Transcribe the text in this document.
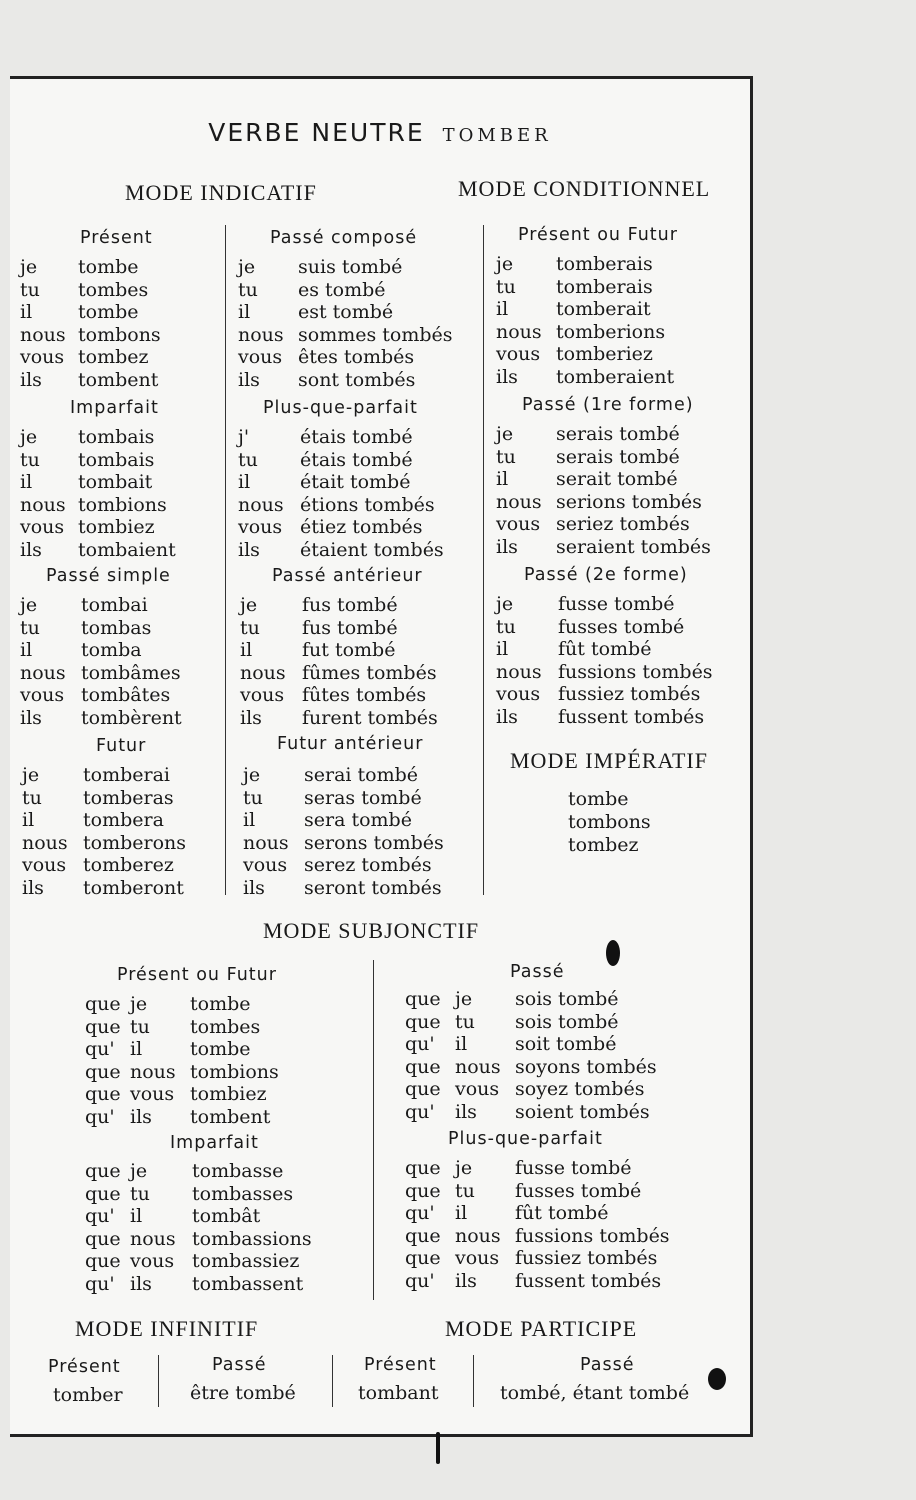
VERBE NEUTRE TOMBER
MODE INDICATIF	MODE CONDITIONNEL
Présent
je tombe
tu tombes
il tombe
nous tombons
vous tombez
ils tombent
Imparfait
je tombais
tu tombais
il tombait
nous tombions
vous tombiez
ils tombaient
Passé simple
je tombai
tu tombas
il	tomba
nous tombâmes
vous tombâtes
ils tombèrent
Futur
je tomberai
tu tomberas
il	tombera
nous tomberons
vous tomberez
ils tomberont
Passé composé
je suis tombé
tu es tombé
il	est tombé
nous sommes tombés
vous êtes tombés
ils sont tombés
Plus-que-parfait
j'	étais tombé
tu étais tombé
il	était tombé
nous étions tombés
vous étiez tombés
ils étaient tombés
Passé antérieur
je fus tombé
tu fus tombé
il	fut tombé
nous fûmes tombés
vous fûtes tombés
ils furent tombés
Futur antérieur
je serai tombé
tu seras tombé
il	sera tombé
nous serons tombés
vous serez tombés
ils seront tombés
Présent ou Futur
je tomberais
tu tomberais
il	tomberait
nous tomberions
vous tomberiez
ils tomberaient
Passé (1re forme)
je serais tombé
tu serais tombé
il	serait tombé
nous serions tombés
vous seriez tombés
ils seraient tombés
Passé (2e forme)
je fusse tombé
tu fusses tombé
il	fût tombé
nous fussions tombés
vous fussiez tombés
ils fussent tombés
Présent ou Futur
que je tombe
que tu tombes
qu' il	tombe
que nous tombions
que vous tombiez
qu' ils tombent
Imparfait
que je tombasse
que tu tombasses
qu' il	tombât
que nous tombassions
que vous tombassiez
qu' ils tombassent
Passé
que je sois tombé
que tu sois tombé
qu' il	soit tombé
que nous soyons tombés
que vous soyez tombés
qu' ils soient tombés
Plus-que-parfait
que je fusse tombé
que tu fusses tombé
qu' il	fût tombé
que nous fussions tombés
que vous fussiez tombés
qu' ils fussent tombés
MODE IMPÉRATIF
tombe
tombons
tombez
MODE SUBJONCTIF
MODE INFINITIF	MODE PARTICIPE
Présent
tomber
Passé
être tombé
Présent
tombant
Passé
tombé, étant tombé
